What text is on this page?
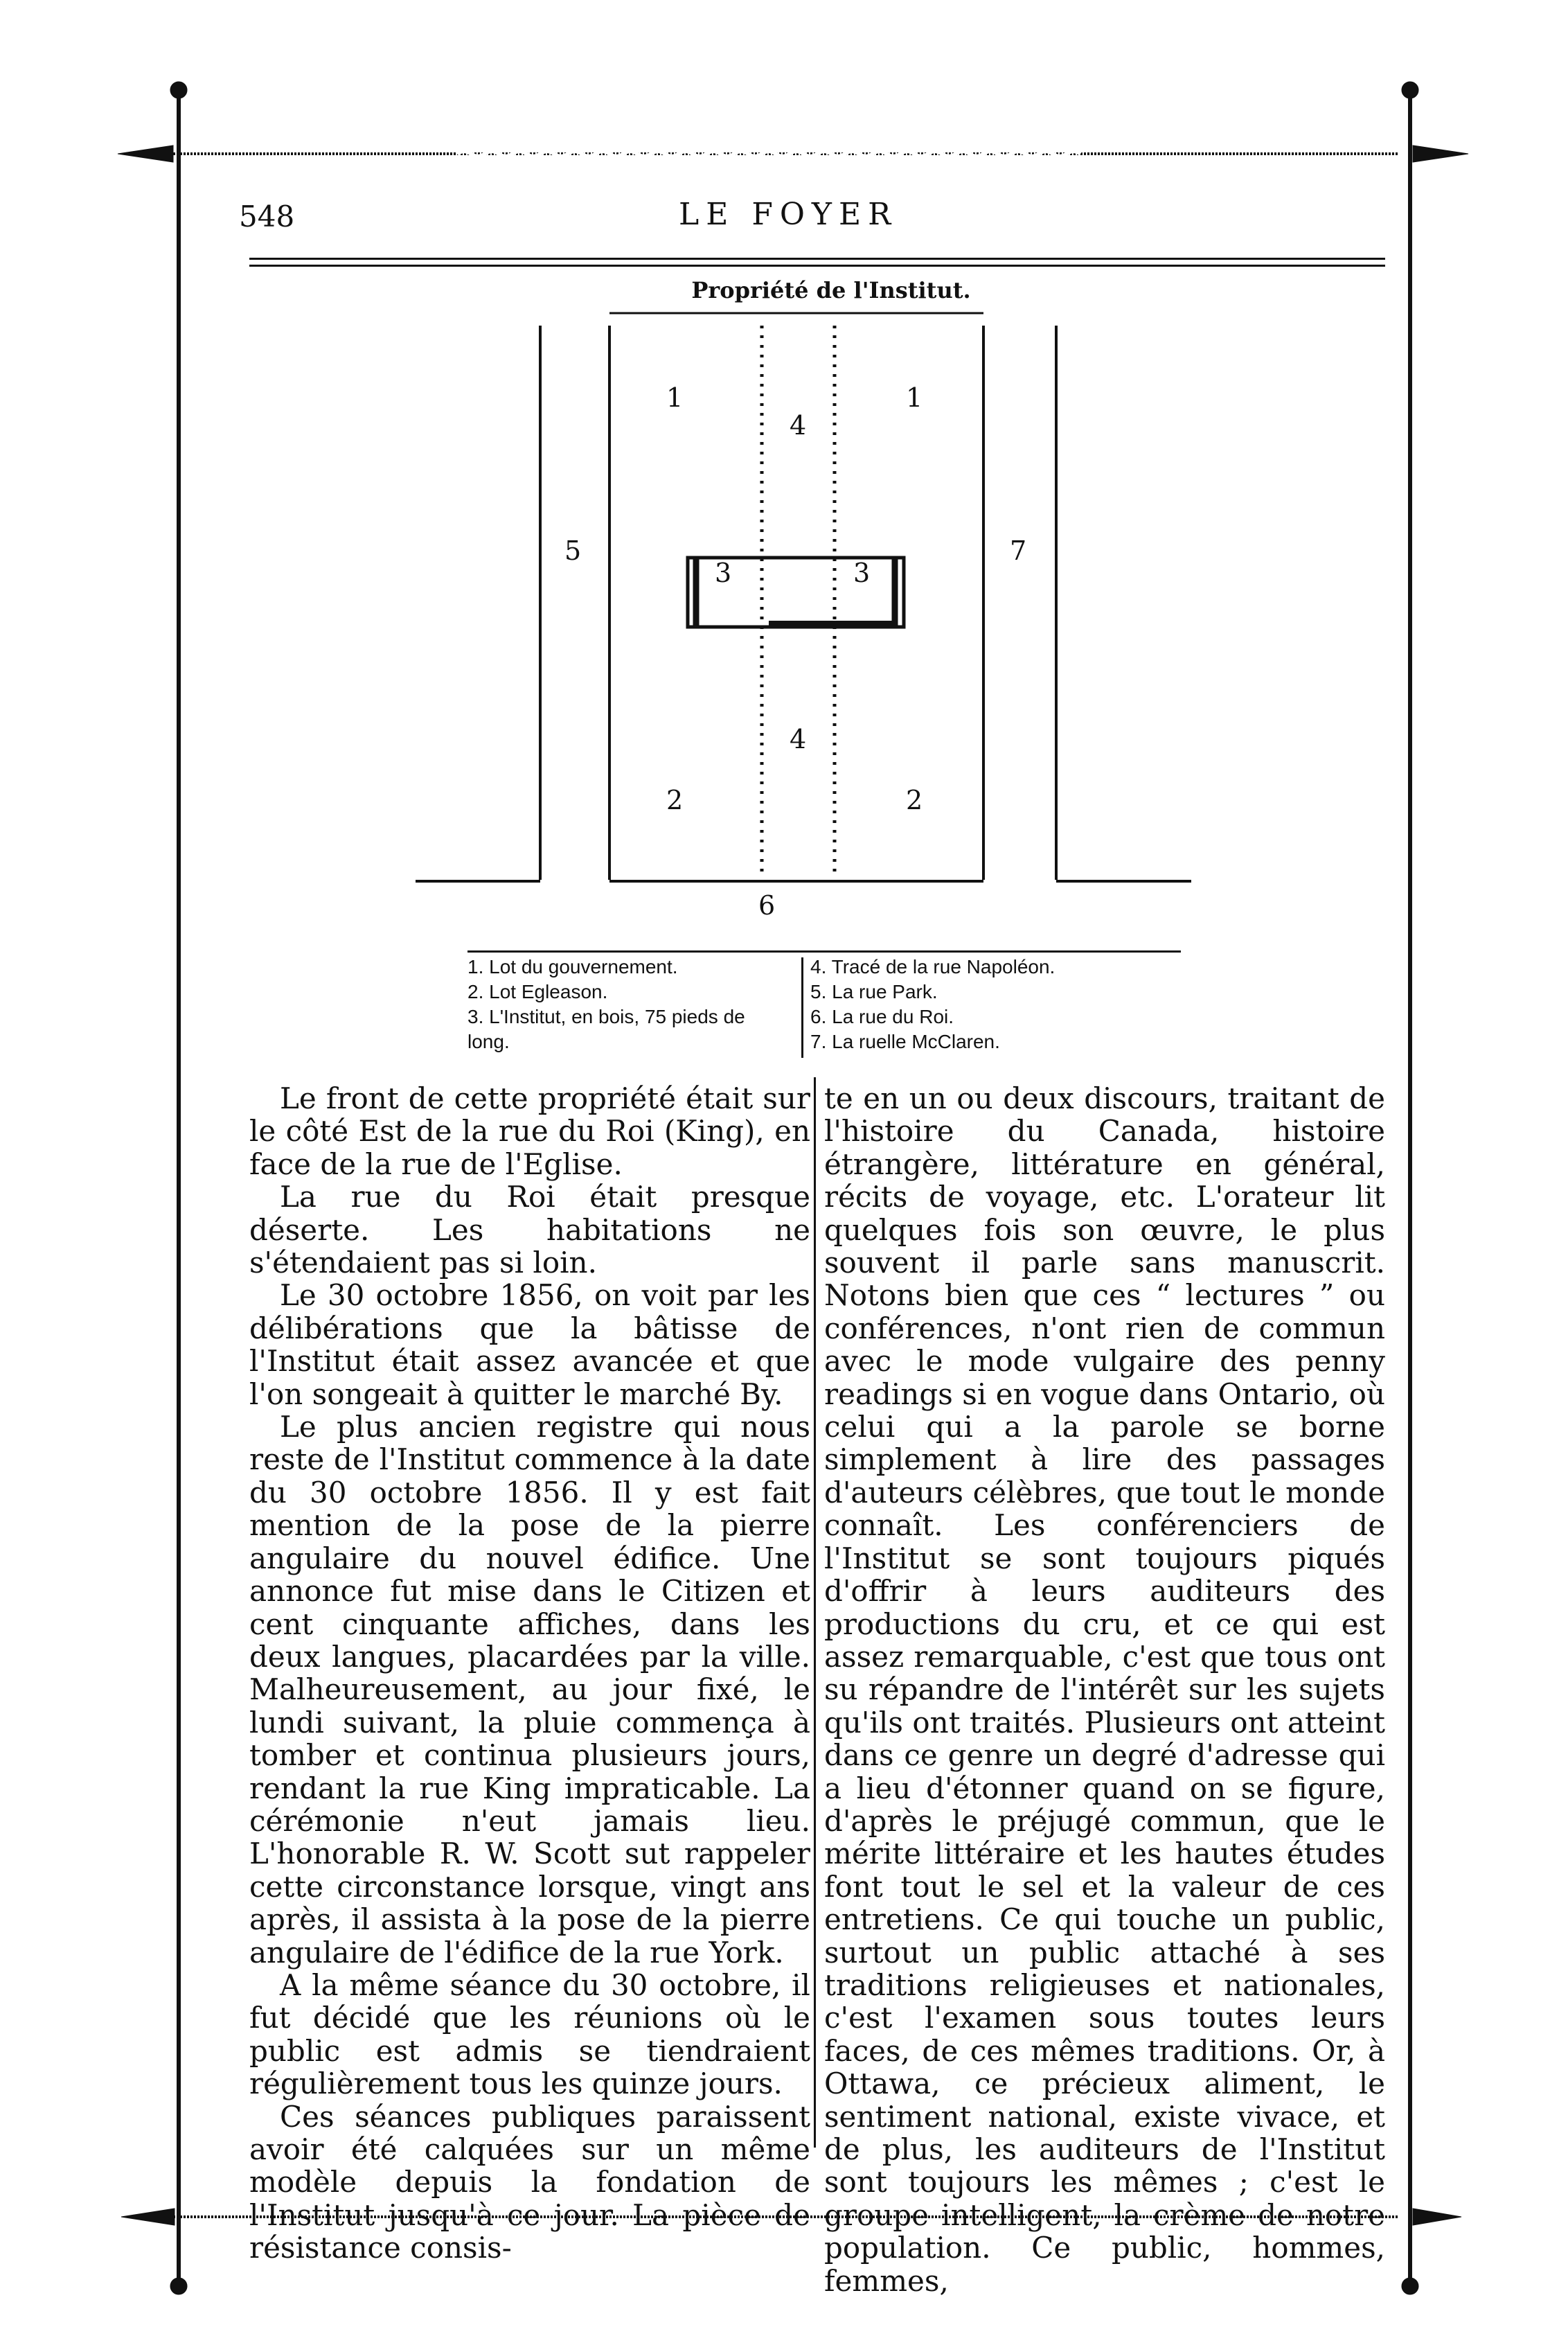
548	LE FOYER
Propriété de l'Institut.
1	1
4
5	7
3	3
4
2	2
6
1. Lot du gouvernement.
2. Lot Egleason.
3. L'Institut, en bois, 75 pieds de
long.
4. Tracé de la rue Napoléon.
5. La rue Park.
6. La rue du Roi.
7. La ruelle McClaren.

Le front de cette propriété était sur le côté Est de la rue du Roi (King), en face de la rue de l'Eglise.

La rue du Roi était presque déserte. Les habitations ne s'étendaient pas si loin.

Le 30 octobre 1856, on voit par les délibérations que la bâtisse de l'Institut était assez avancée et que l'on songeait à quitter le marché By.

Le plus ancien registre qui nous reste de l'Institut commence à la date du 30 octobre 1856. Il y est fait mention de la pose de la pierre angulaire du nouvel édifice. Une annonce fut mise dans le Citizen et cent cinquante affiches, dans les deux langues, placardées par la ville. Malheureusement, au jour fixé, le lundi suivant, la pluie commença à tomber et continua plusieurs jours, rendant la rue King impraticable. La cérémonie n'eut jamais lieu. L'honorable R. W. Scott sut rappeler cette circonstance lorsque, vingt ans après, il assista à la pose de la pierre angulaire de l'édifice de la rue York.

A la même séance du 30 octobre, il fut décidé que les réunions où le public est admis se tiendraient régulièrement tous les quinze jours.

Ces séances publiques paraissent avoir été calquées sur un même modèle depuis la fondation de l'Institut jusqu'à ce jour. La pièce de résistance consis-

te en un ou deux discours, traitant de l'histoire du Canada, histoire étrangère, littérature en général, récits de voyage, etc. L'orateur lit quelques fois son œuvre, le plus souvent il parle sans manuscrit. Notons bien que ces “ lectures ” ou conférences, n'ont rien de commun avec le mode vulgaire des penny readings si en vogue dans Ontario, où celui qui a la parole se borne simplement à lire des passages d'auteurs célèbres, que tout le monde connaît. Les conférenciers de l'Institut se sont toujours piqués d'offrir à leurs auditeurs des productions du cru, et ce qui est assez remarquable, c'est que tous ont su répandre de l'intérêt sur les sujets qu'ils ont traités. Plusieurs ont atteint dans ce genre un degré d'adresse qui a lieu d'étonner quand on se figure, d'après le préjugé commun, que le mérite littéraire et les hautes études font tout le sel et la valeur de ces entretiens. Ce qui touche un public, surtout un public attaché à ses traditions religieuses et nationales, c'est l'examen sous toutes leurs faces, de ces mêmes traditions. Or, à Ottawa, ce précieux aliment, le sentiment national, existe vivace, et de plus, les auditeurs de l'Institut sont toujours les mêmes ; c'est le groupe intelligent, la crème de notre population. Ce public, hommes, femmes,
